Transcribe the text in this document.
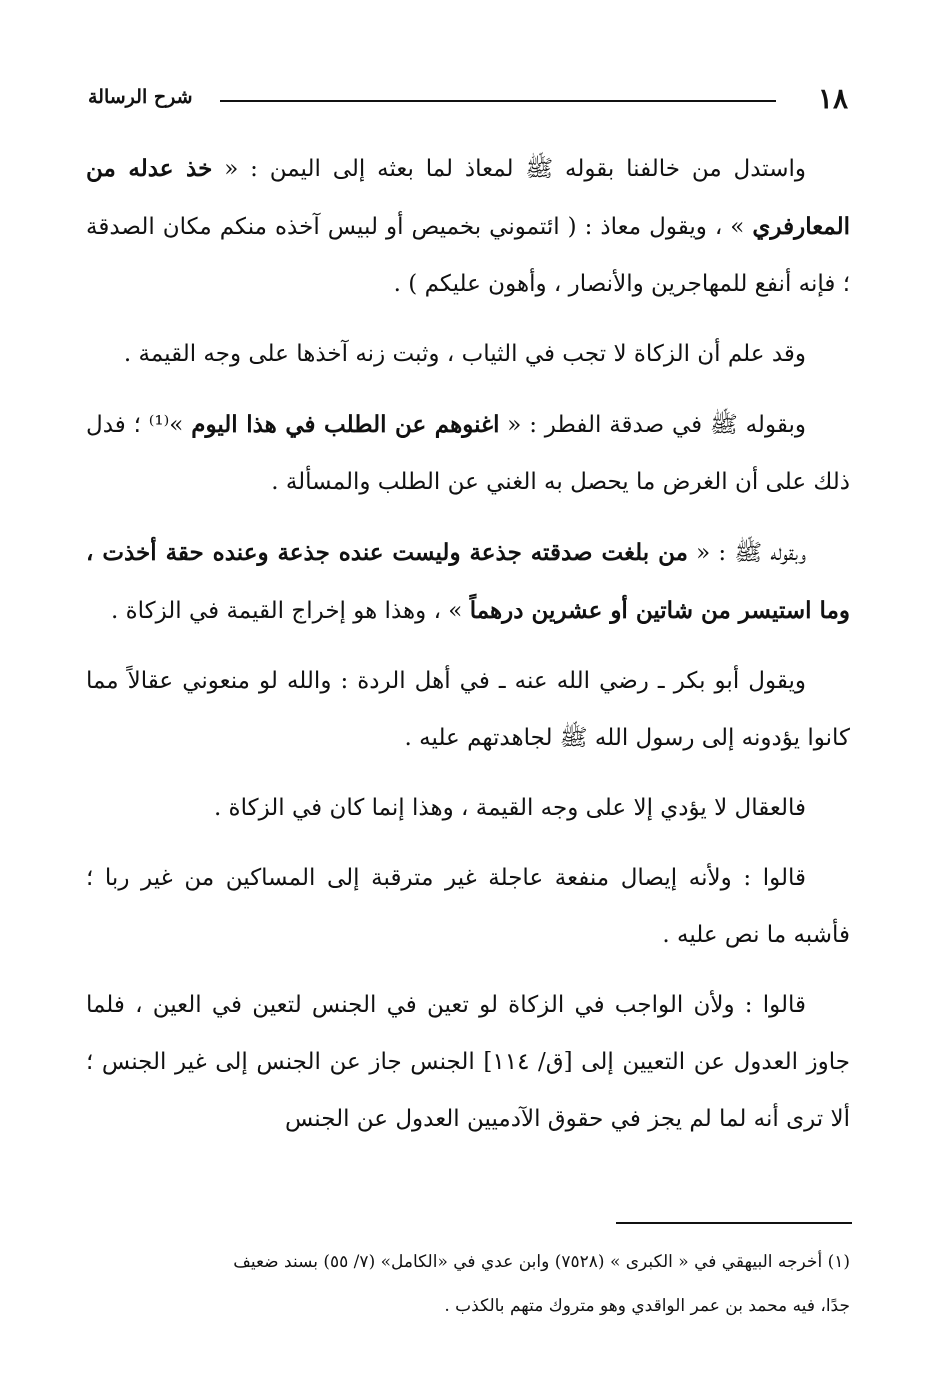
١٨
شرح الرسالة

واستدل من خالفنا بقوله ﷺ لمعاذ لما بعثه إلى اليمن : « خذ عدله من المعارفري » ، ويقول معاذ : ( ائتموني بخميص أو لبيس آخذه منكم مكان الصدقة ؛ فإنه أنفع للمهاجرين والأنصار ، وأهون عليكم ) .

وقد علم أن الزكاة لا تجب في الثياب ، وثبت زنه آخذها على وجه القيمة .

وبقوله ﷺ في صدقة الفطر : « اغنوهم عن الطلب في هذا اليوم »⁽¹⁾ ؛ فدل ذلك على أن الغرض ما يحصل به الغني عن الطلب والمسألة .

وبقوله ﷺ : « من بلغت صدقته جذعة وليست عنده جذعة وعنده حقة أخذت ، وما استيسر من شاتين أو عشرين درهماً » ، وهذا هو إخراج القيمة في الزكاة .

ويقول أبو بكر ـ رضي الله عنه ـ في أهل الردة : والله لو منعوني عقالاً مما كانوا يؤدونه إلى رسول الله ﷺ لجاهدتهم عليه .

فالعقال لا يؤدي إلا على وجه القيمة ، وهذا إنما كان في الزكاة .

قالوا : ولأنه إيصال منفعة عاجلة غير مترقبة إلى المساكين من غير ربا ؛ فأشبه ما نص عليه .

قالوا : ولأن الواجب في الزكاة لو تعين في الجنس لتعين في العين ، فلما جاوز العدول عن التعيين إلى [ق/ ١١٤] الجنس جاز عن الجنس إلى غير الجنس ؛ ألا ترى أنه لما لم يجز في حقوق الآدميين العدول عن الجنس

(١) أخرجه البيهقي في « الكبرى » (٧٥٢٨) وابن عدي في «الكامل» (٧/ ٥٥) بسند ضعيف

جدًا، فيه محمد بن عمر الواقدي وهو متروك متهم بالكذب .
